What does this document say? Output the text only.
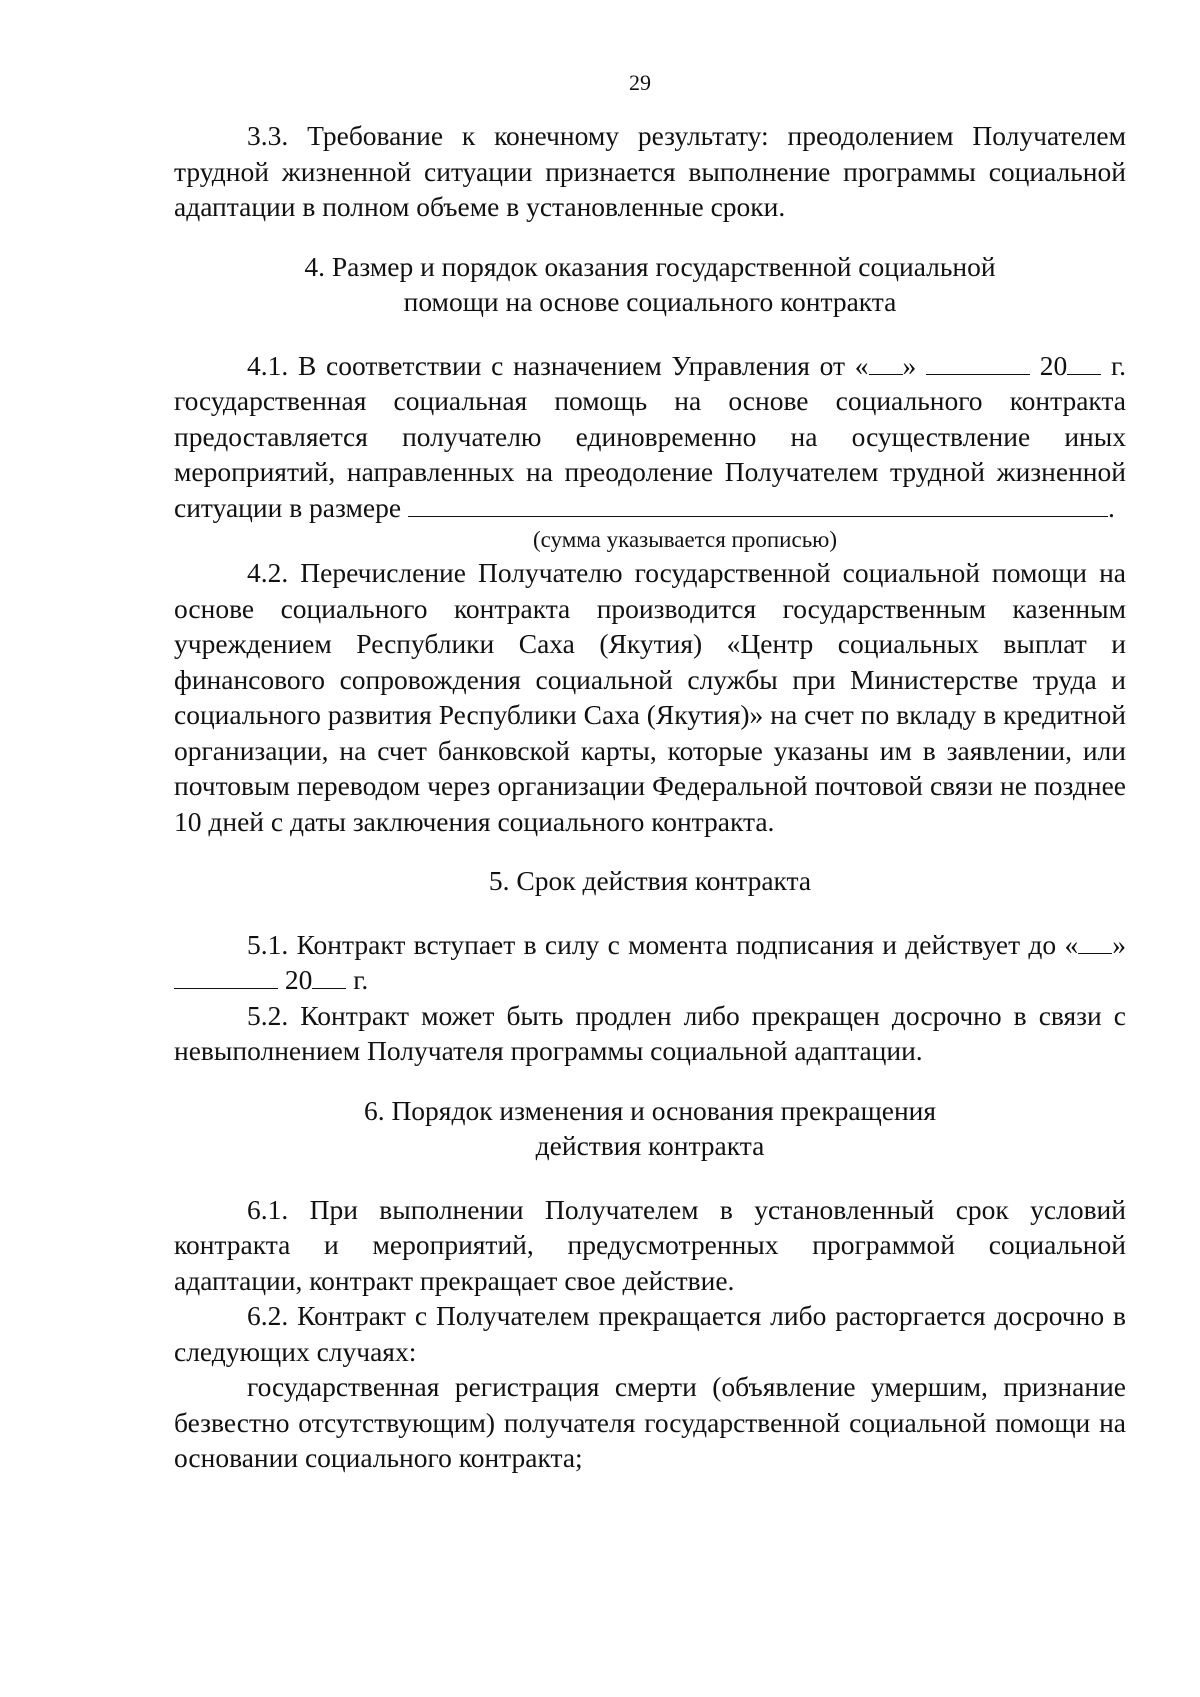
29

3.3. Требование к конечному результату: преодолением Получателем трудной жизненной ситуации признается выполнение программы социальной адаптации в полном объеме в установленные сроки.

4. Размер и порядок оказания государственной социальной
помощи на основе социального контракта

4.1. В соответствии с назначением Управления от « »	20 г. государственная социальная помощь на основе социального контракта предоставляется получателю единовременно на осуществление иных мероприятий, направленных на преодоление Получателем трудной жизненной ситуации в размере	.

(сумма указывается прописью)

4.2. Перечисление Получателю государственной социальной помощи на основе социального контракта производится государственным казенным учреждением Республики Саха (Якутия) «Центр социальных выплат и финансового сопровождения социальной службы при Министерстве труда и социального развития Республики Саха (Якутия)» на счет по вкладу в кредитной организации, на счет банковской карты, которые указаны им в заявлении, или почтовым переводом через организации Федеральной почтовой связи не позднее 10 дней с даты заключения социального контракта.

5. Срок действия контракта

5.1. Контракт вступает в силу с момента подписания и действует до « »  20 г.

5.2. Контракт может быть продлен либо прекращен досрочно в связи с невыполнением Получателя программы социальной адаптации.

6. Порядок изменения и основания прекращения
действия контракта

6.1. При выполнении Получателем в установленный срок условий контракта и мероприятий, предусмотренных программой социальной адаптации, контракт прекращает свое действие.

6.2. Контракт с Получателем прекращается либо расторгается досрочно в следующих случаях:

государственная регистрация смерти (объявление умершим, признание безвестно отсутствующим) получателя государственной социальной помощи на основании социального контракта;
